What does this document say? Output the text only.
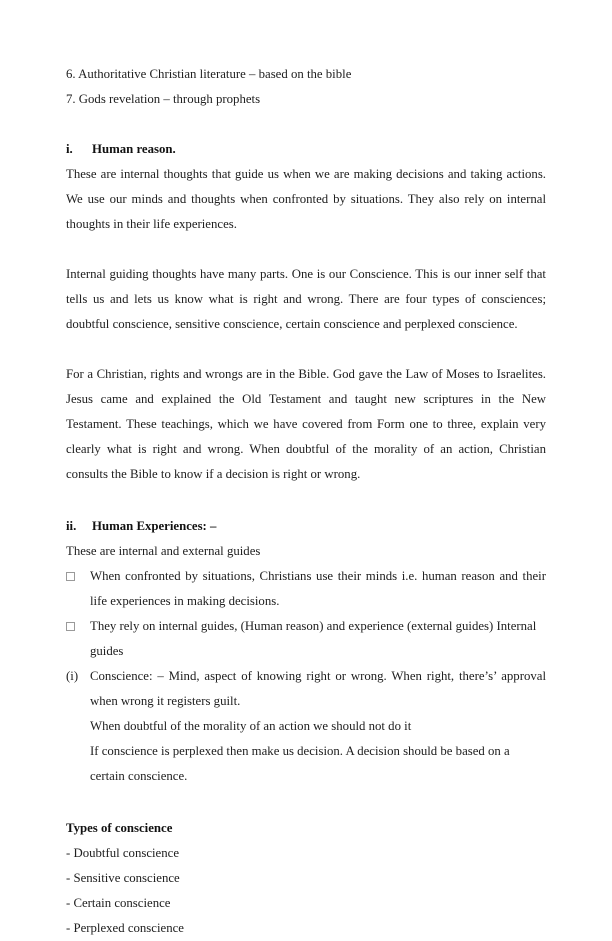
6. Authoritative Christian literature – based on the bible
7. Gods revelation – through prophets
i. Human reason.

These are internal thoughts that guide us when we are making decisions and taking actions. We use our minds and thoughts when confronted by situations. They also rely on internal thoughts in their life experiences.

Internal guiding thoughts have many parts. One is our Conscience. This is our inner self that tells us and lets us know what is right and wrong. There are four types of consciences; doubtful conscience, sensitive conscience, certain conscience and perplexed conscience.

For a Christian, rights and wrongs are in the Bible. God gave the Law of Moses to Israelites. Jesus came and explained the Old Testament and taught new scriptures in the New Testament. These teachings, which we have covered from Form one to three, explain very clearly what is right and wrong. When doubtful of the morality of an action, Christian consults the Bible to know if a decision is right or wrong.

ii. Human Experiences: –
These are internal and external guides
When confronted by situations, Christians use their minds i.e. human reason and their life experiences in making decisions.
They rely on internal guides, (Human reason) and experience (external guides) Internal guides
(i) Conscience: – Mind, aspect of knowing right or wrong. When right, there’s’ approval when wrong it registers guilt.
When doubtful of the morality of an action we should not do it
If conscience is perplexed then make us decision. A decision should be based on a certain conscience.
Types of conscience
- Doubtful conscience
- Sensitive conscience
- Certain conscience
- Perplexed conscience
